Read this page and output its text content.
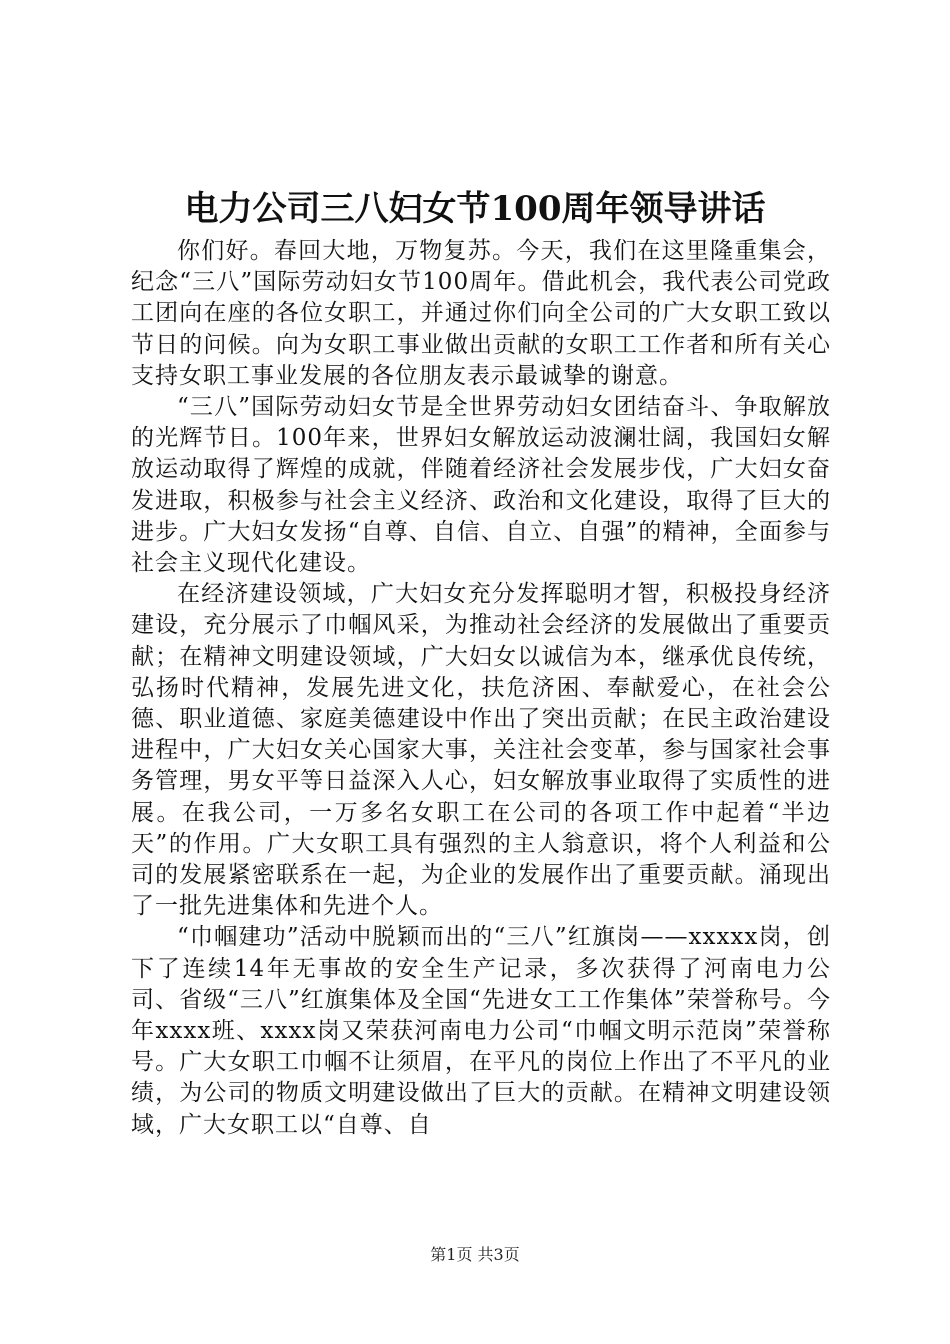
电力公司三八妇女节100周年领导讲话

你们好。春回大地，万物复苏。今天，我们在这里隆重集会，纪念“三八”国际劳动妇女节100周年。借此机会，我代表公司党政工团向在座的各位女职工，并通过你们向全公司的广大女职工致以节日的问候。向为女职工事业做出贡献的女职工工作者和所有关心支持女职工事业发展的各位朋友表示最诚挚的谢意。

“三八”国际劳动妇女节是全世界劳动妇女团结奋斗、争取解放的光辉节日。100年来，世界妇女解放运动波澜壮阔，我国妇女解放运动取得了辉煌的成就，伴随着经济社会发展步伐，广大妇女奋发进取，积极参与社会主义经济、政治和文化建设，取得了巨大的进步。广大妇女发扬“自尊、自信、自立、自强”的精神，全面参与社会主义现代化建设。

在经济建设领域，广大妇女充分发挥聪明才智，积极投身经济建设，充分展示了巾帼风采，为推动社会经济的发展做出了重要贡献；在精神文明建设领域，广大妇女以诚信为本，继承优良传统，弘扬时代精神，发展先进文化，扶危济困、奉献爱心，在社会公德、职业道德、家庭美德建设中作出了突出贡献；在民主政治建设进程中，广大妇女关心国家大事，关注社会变革，参与国家社会事务管理，男女平等日益深入人心，妇女解放事业取得了实质性的进展。在我公司，一万多名女职工在公司的各项工作中起着“半边天”的作用。广大女职工具有强烈的主人翁意识，将个人利益和公司的发展紧密联系在一起，为企业的发展作出了重要贡献。涌现出了一批先进集体和先进个人。

“巾帼建功”活动中脱颖而出的“三八”红旗岗——xxxxx岗，创下了连续14年无事故的安全生产记录，多次获得了河南电力公司、省级“三八”红旗集体及全国“先进女工工作集体”荣誉称号。今年xxxx班、xxxx岗又荣获河南电力公司“巾帼文明示范岗”荣誉称号。广大女职工巾帼不让须眉，在平凡的岗位上作出了不平凡的业绩，为公司的物质文明建设做出了巨大的贡献。在精神文明建设领域，广大女职工以“自尊、自

第1页 共3页
